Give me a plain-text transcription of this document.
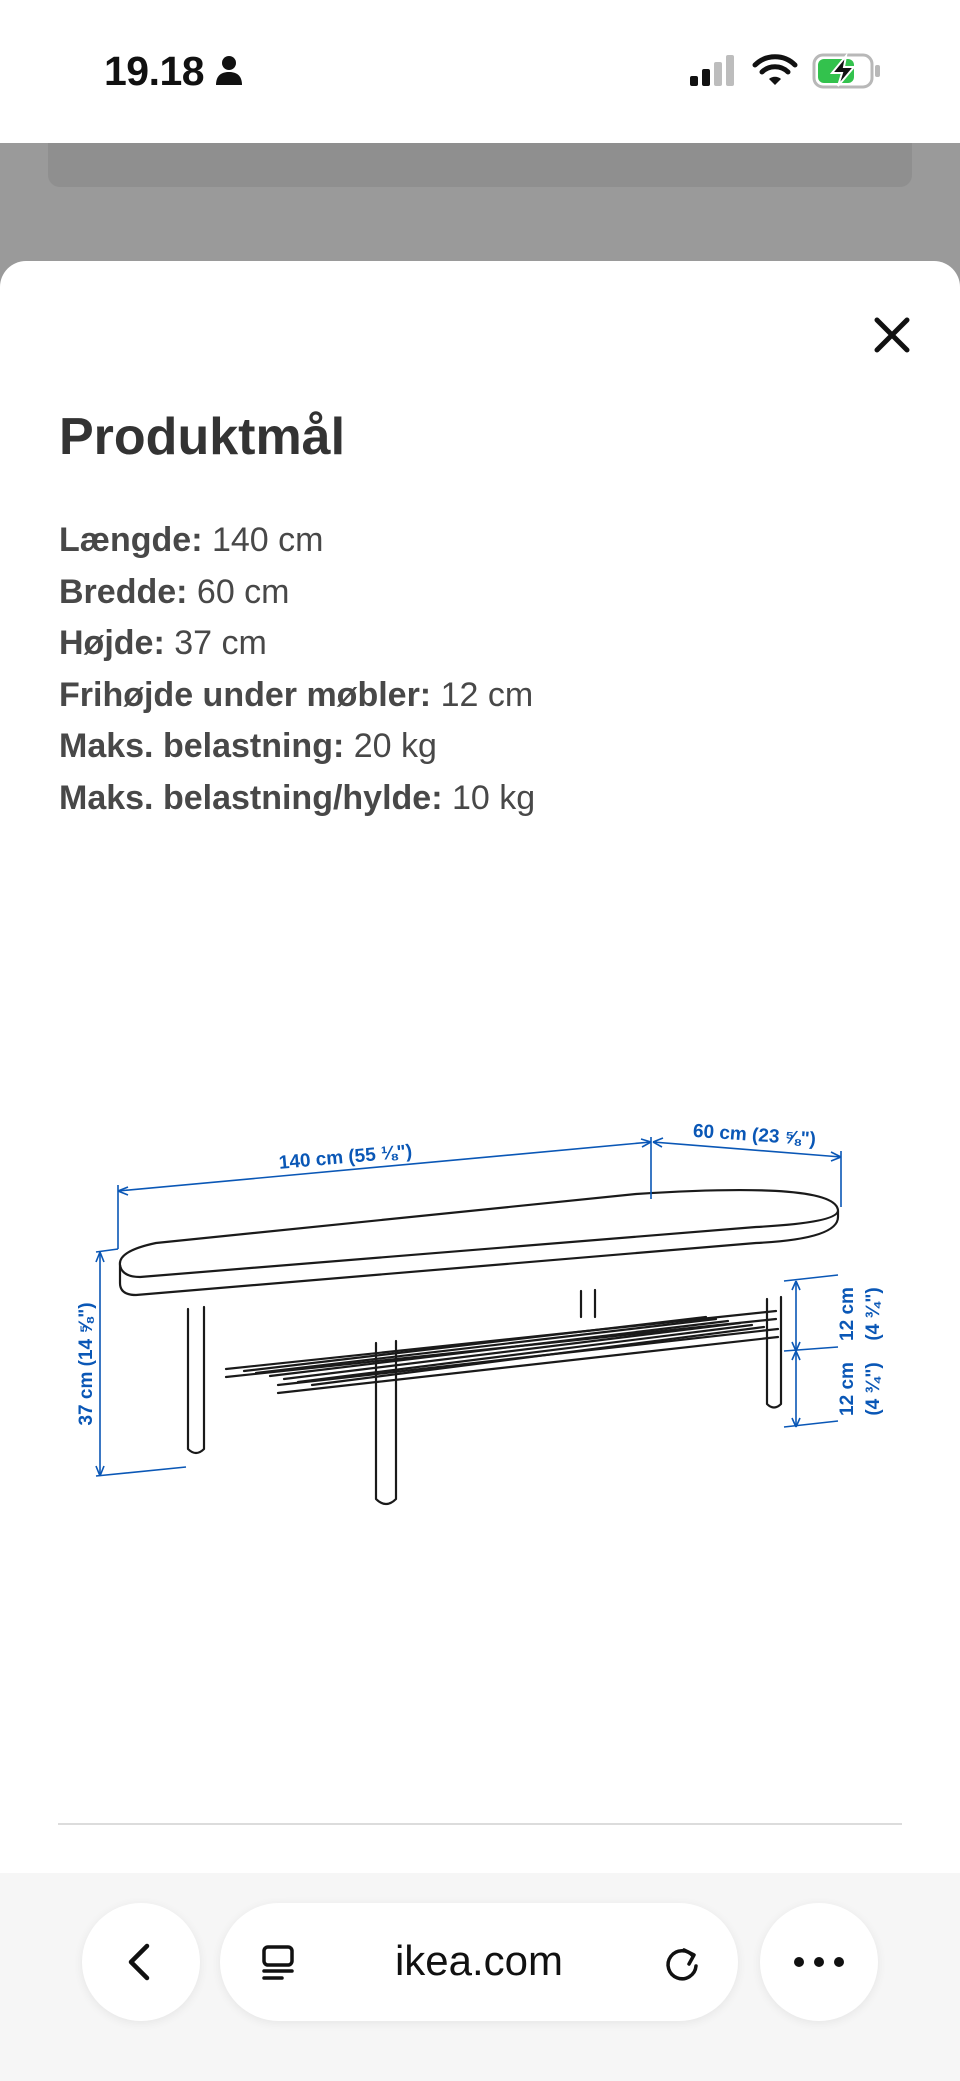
19.18
Produktmål
Længde: 140 cm
Bredde: 60 cm
Højde: 37 cm
Frihøjde under møbler: 12 cm
Maks. belastning: 20 kg
Maks. belastning/hylde: 10 kg
140 cm (55 ⅛")
60 cm (23 ⅝")
37 cm (14 ⅝")	12 cm (4 ¾")
12 cm (4 ¾")
ikea.com
